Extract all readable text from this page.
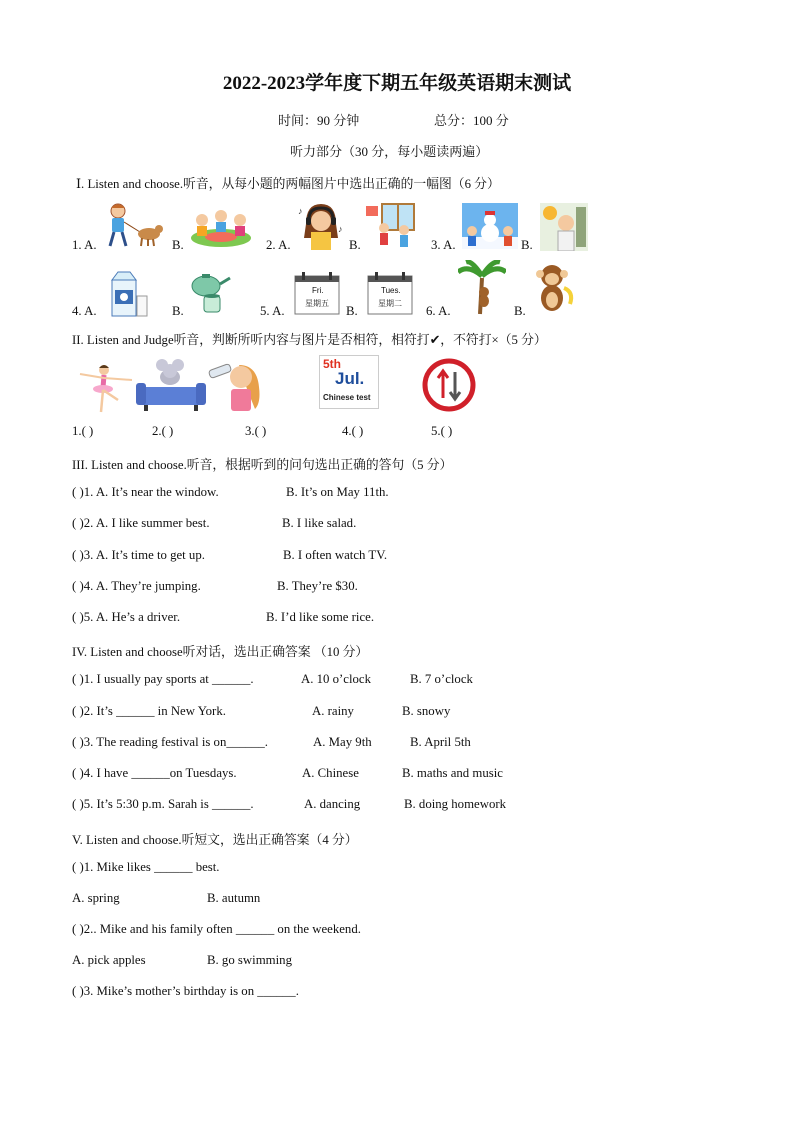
2022-2023学年度下期五年级英语期末测试
时间：90 分钟	总分：100 分
听力部分（30 分，每小题读两遍）
Ⅰ. Listen and choose.听音，从每小题的两幅图片中选出正确的一幅图（6 分）
1. A.	B.	2. A.	B.	3. A.	B.
♪
♪
4. A.	B.	5. A.	B.	6. A.	B.
Fri.
星期五
Tues.
星期二
II. Listen and Judge听音，判断所听内容与图片是否相符，相符打✔，不符打×（5 分）
5th
Jul.
Chinese test
1.( )	2.( )	3.( )	4.( )	5.( )
III. Listen and choose.听音，根据听到的问句选出正确的答句（5 分）
( )1. A. It’s near the window.	B. It’s on May 11th.
( )2. A. I like summer best.	B. I like salad.
( )3. A. It’s time to get up.	B. I often watch TV.
( )4. A. They’re jumping.	B. They’re $30.
( )5. A. He’s a driver.	B. I’d like some rice.
IV. Listen and choose听对话，选出正确答案 （10 分）
( )1. I usually pay sports at ______.	A. 10 o’clock	B. 7 o’clock
( )2. It’s ______ in New York.	A. rainy	B. snowy
( )3. The reading festival is on______.	A. May 9th	B. April 5th
( )4. I have ______on Tuesdays.	A. Chinese	B. maths and music
( )5. It’s 5:30 p.m. Sarah is ______.	A. dancing	B. doing homework
V. Listen and choose.听短文，选出正确答案（4 分）
( )1. Mike likes ______ best.
A. spring	B. autumn
( )2.. Mike and his family often ______ on the weekend.
A. pick apples	B. go swimming
( )3. Mike’s mother’s birthday is on ______.
